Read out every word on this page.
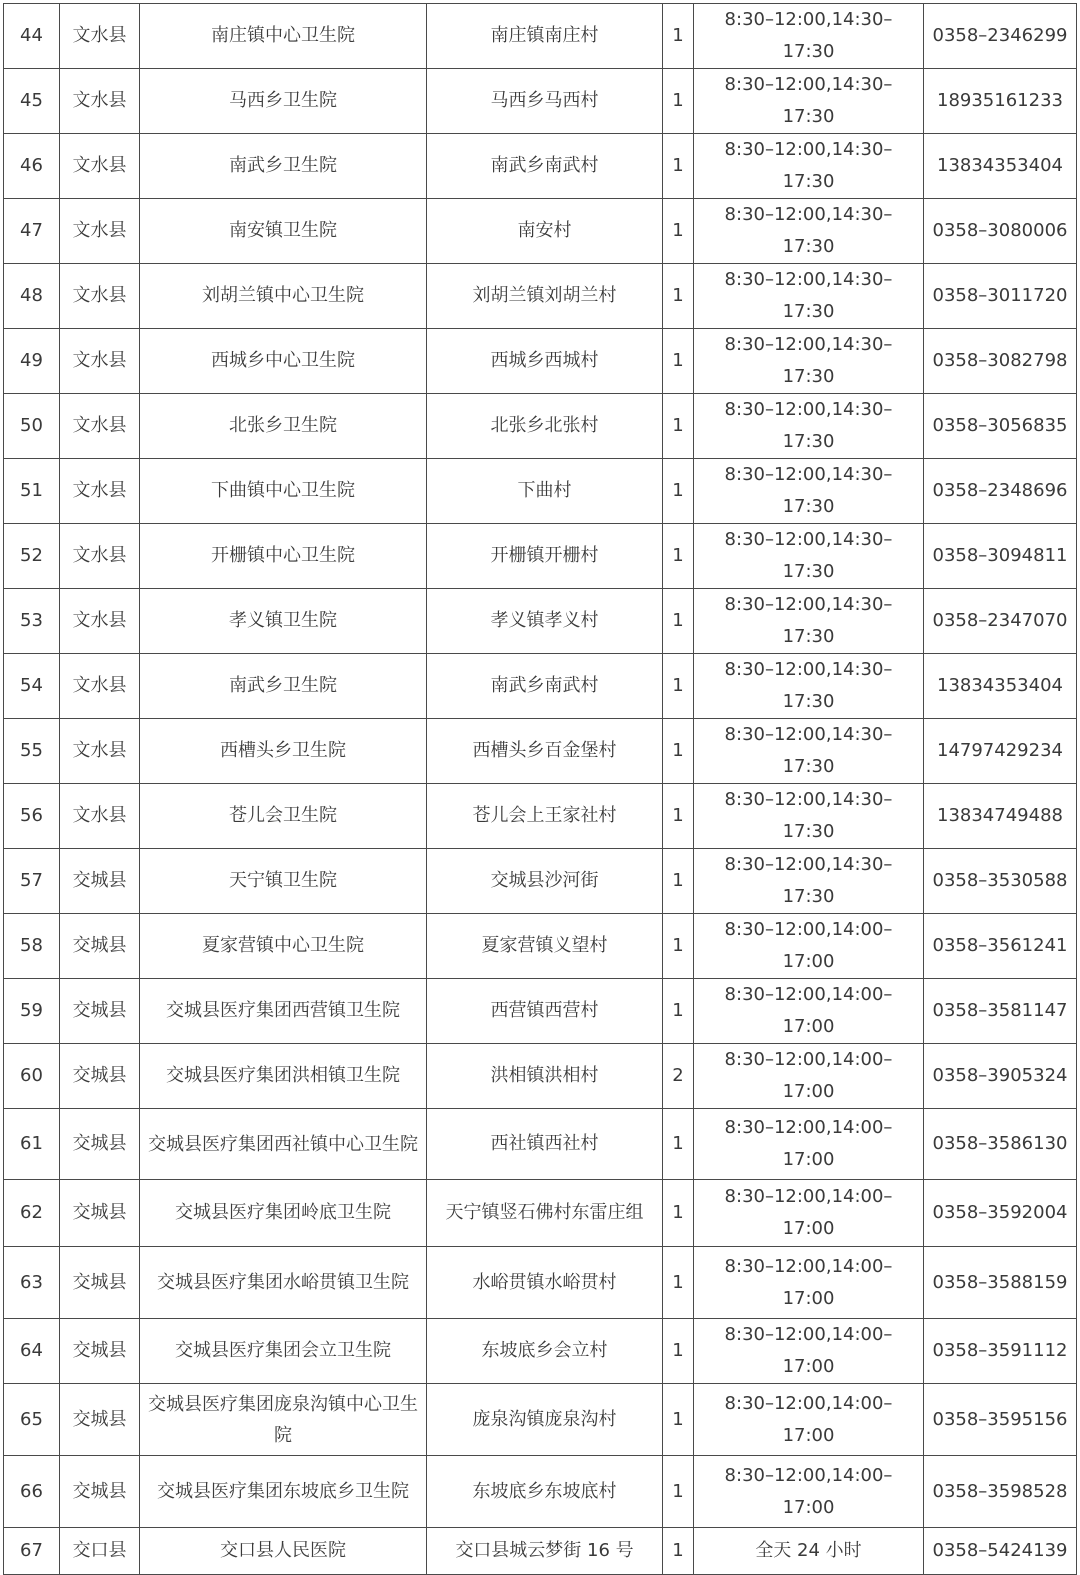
44	文水县	南庄镇中心卫生院	南庄镇南庄村	1	8:30–12:00,14:30–17:30	0358–2346299
45	文水县	马西乡卫生院	马西乡马西村	1	8:30–12:00,14:30–17:30	18935161233
46	文水县	南武乡卫生院	南武乡南武村	1	8:30–12:00,14:30–17:30	13834353404
47	文水县	南安镇卫生院	南安村	1	8:30–12:00,14:30–17:30	0358–3080006
48	文水县	刘胡兰镇中心卫生院	刘胡兰镇刘胡兰村	1	8:30–12:00,14:30–17:30	0358–3011720
49	文水县	西城乡中心卫生院	西城乡西城村	1	8:30–12:00,14:30–17:30	0358–3082798
50	文水县	北张乡卫生院	北张乡北张村	1	8:30–12:00,14:30–17:30	0358–3056835
51	文水县	下曲镇中心卫生院	下曲村	1	8:30–12:00,14:30–17:30	0358–2348696
52	文水县	开栅镇中心卫生院	开栅镇开栅村	1	8:30–12:00,14:30–17:30	0358–3094811
53	文水县	孝义镇卫生院	孝义镇孝义村	1	8:30–12:00,14:30–17:30	0358–2347070
54	文水县	南武乡卫生院	南武乡南武村	1	8:30–12:00,14:30–17:30	13834353404
55	文水县	西槽头乡卫生院	西槽头乡百金堡村	1	8:30–12:00,14:30–17:30	14797429234
56	文水县	苍儿会卫生院	苍儿会上王家社村	1	8:30–12:00,14:30–17:30	13834749488
57	交城县	天宁镇卫生院	交城县沙河街	1	8:30–12:00,14:30–17:30	0358–3530588
58	交城县	夏家营镇中心卫生院	夏家营镇义望村	1	8:30–12:00,14:00–17:00	0358–3561241
59	交城县	交城县医疗集团西营镇卫生院	西营镇西营村	1	8:30–12:00,14:00–17:00	0358–3581147
60	交城县	交城县医疗集团洪相镇卫生院	洪相镇洪相村	2	8:30–12:00,14:00–17:00	0358–3905324
61	交城县	交城县医疗集团西社镇中心卫生院	西社镇西社村	1	8:30–12:00,14:00–17:00	0358–3586130
62	交城县	交城县医疗集团岭底卫生院	天宁镇竖石佛村东雷庄组	1	8:30–12:00,14:00–17:00	0358–3592004
63	交城县	交城县医疗集团水峪贯镇卫生院	水峪贯镇水峪贯村	1	8:30–12:00,14:00–17:00	0358–3588159
64	交城县	交城县医疗集团会立卫生院	东坡底乡会立村	1	8:30–12:00,14:00–17:00	0358–3591112
65	交城县	交城县医疗集团庞泉沟镇中心卫生院	庞泉沟镇庞泉沟村	1	8:30–12:00,14:00–17:00	0358–3595156
66	交城县	交城县医疗集团东坡底乡卫生院	东坡底乡东坡底村	1	8:30–12:00,14:00–17:00	0358–3598528
67	交口县	交口县人民医院	交口县城云梦街 16 号	1	全天 24 小时	0358–5424139
